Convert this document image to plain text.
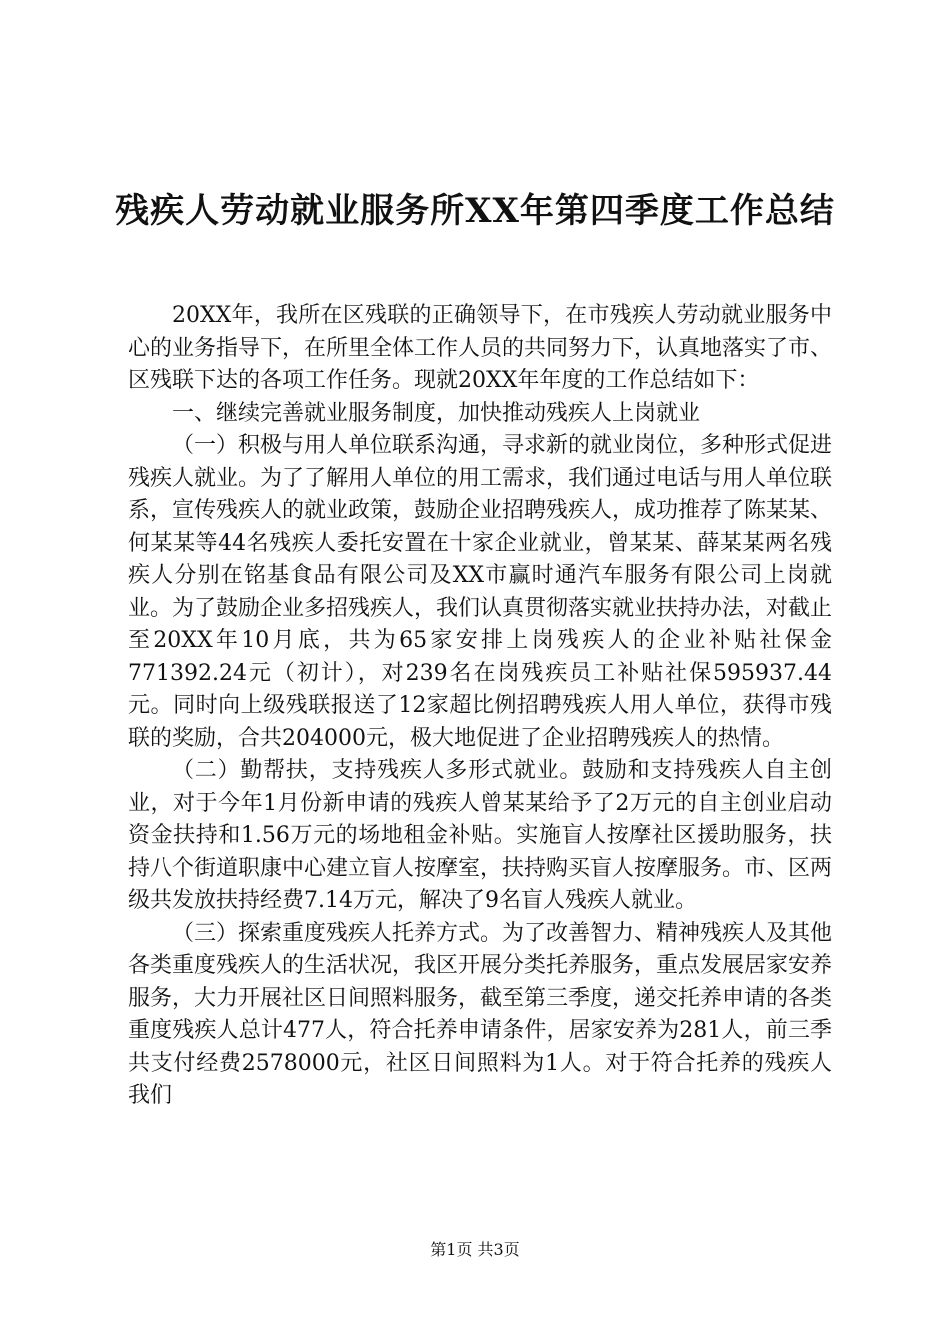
残疾人劳动就业服务所XX年第四季度工作总结

20XX年，我所在区残联的正确领导下，在市残疾人劳动就业服务中心的业务指导下，在所里全体工作人员的共同努力下，认真地落实了市、区残联下达的各项工作任务。现就20XX年年度的工作总结如下：

一、继续完善就业服务制度，加快推动残疾人上岗就业

（一）积极与用人单位联系沟通，寻求新的就业岗位，多种形式促进残疾人就业。为了了解用人单位的用工需求，我们通过电话与用人单位联系，宣传残疾人的就业政策，鼓励企业招聘残疾人，成功推荐了陈某某、何某某等44名残疾人委托安置在十家企业就业，曾某某、薛某某两名残疾人分别在铭基食品有限公司及XX市赢时通汽车服务有限公司上岗就业。为了鼓励企业多招残疾人，我们认真贯彻落实就业扶持办法，对截止至20XX年10月底，共为65家安排上岗残疾人的企业补贴社保金771392.24元（初计），对239名在岗残疾员工补贴社保595937.44元。同时向上级残联报送了12家超比例招聘残疾人用人单位，获得市残联的奖励，合共204000元，极大地促进了企业招聘残疾人的热情。

（二）勤帮扶，支持残疾人多形式就业。鼓励和支持残疾人自主创业，对于今年1月份新申请的残疾人曾某某给予了2万元的自主创业启动资金扶持和1.56万元的场地租金补贴。实施盲人按摩社区援助服务，扶持八个街道职康中心建立盲人按摩室，扶持购买盲人按摩服务。市、区两级共发放扶持经费7.14万元，解决了9名盲人残疾人就业。

（三）探索重度残疾人托养方式。为了改善智力、精神残疾人及其他各类重度残疾人的生活状况，我区开展分类托养服务，重点发展居家安养服务，大力开展社区日间照料服务，截至第三季度，递交托养申请的各类重度残疾人总计477人，符合托养申请条件，居家安养为281人，前三季共支付经费2578000元，社区日间照料为1人。对于符合托养的残疾人我们

第1页 共3页
